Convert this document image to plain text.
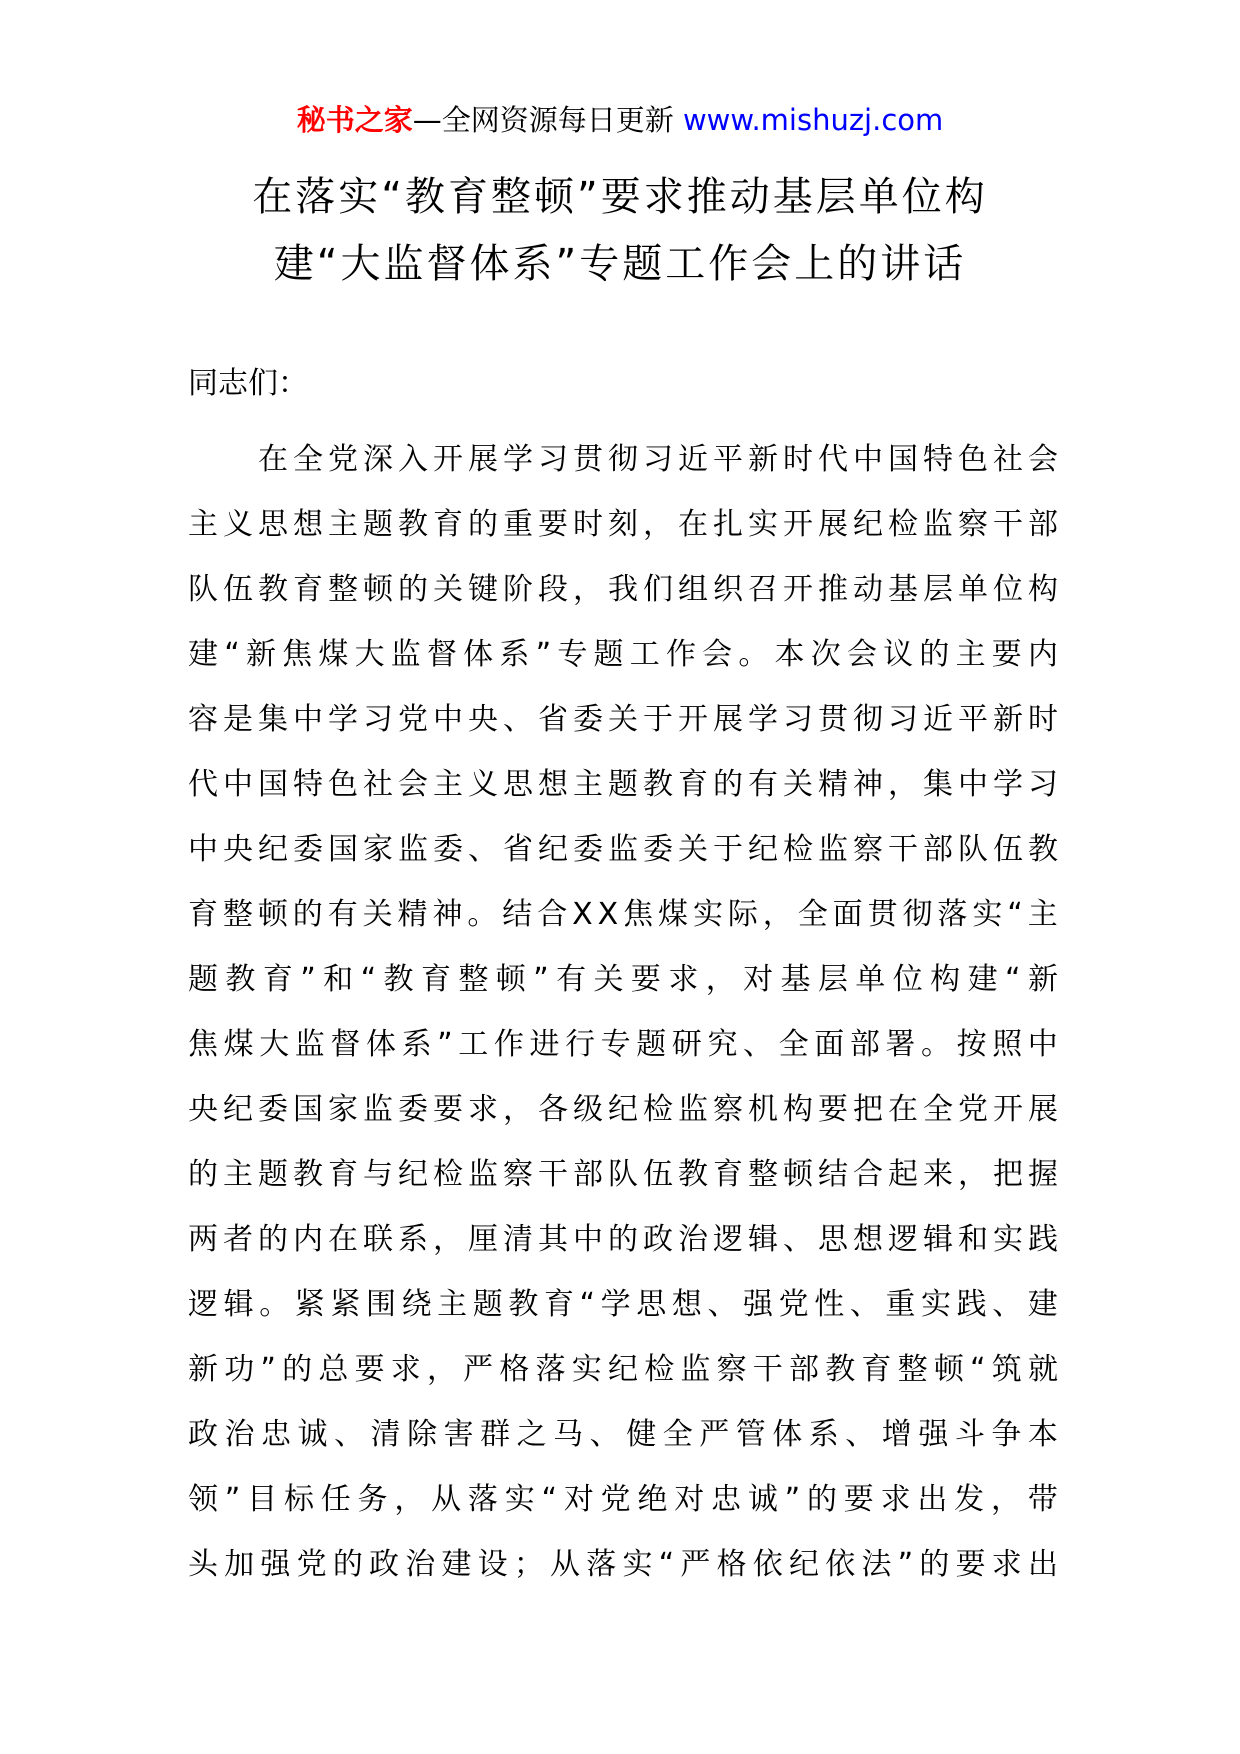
秘书之家—全网资源每日更新 www.mishuzj.com
在落实“教育整顿”要求推动基层单位构
建“大监督体系”专题工作会上的讲话
同志们：

在 全 党 深 入 开 展 学 习 贯 彻 习 近 平 新 时 代 中 国 特 色 社 会
主 义 思 想 主 题 教 育 的 重 要 时 刻 ， 在 扎 实 开 展 纪 检 监 察 干 部
队 伍 教 育 整 顿 的 关 键 阶 段 ， 我 们 组 织 召 开 推 动 基 层 单 位 构
建 “ 新 焦 煤 大 监 督 体 系 ” 专 题 工 作 会 。 本 次 会 议 的 主 要 内
容 是 集 中 学 习 党 中 央 、 省 委 关 于 开 展 学 习 贯 彻 习 近 平 新 时
代 中 国 特 色 社 会 主 义 思 想 主 题 教 育 的 有 关 精 神 ， 集 中 学 习
中 央 纪 委 国 家 监 委 、 省 纪 委 监 委 关 于 纪 检 监 察 干 部 队 伍 教
育 整 顿 的 有 关 精 神 。 结 合 X X 焦 煤 实 际 ， 全 面 贯 彻 落 实 “ 主
题 教 育 ” 和 “ 教 育 整 顿 ” 有 关 要 求 ， 对 基 层 单 位 构 建 “ 新
焦 煤 大 监 督 体 系 ” 工 作 进 行 专 题 研 究 、 全 面 部 署 。 按 照 中
央 纪 委 国 家 监 委 要 求 ， 各 级 纪 检 监 察 机 构 要 把 在 全 党 开 展
的 主 题 教 育 与 纪 检 监 察 干 部 队 伍 教 育 整 顿 结 合 起 来 ， 把 握
两 者 的 内 在 联 系 ， 厘 清 其 中 的 政 治 逻 辑 、 思 想 逻 辑 和 实 践
逻 辑 。 紧 紧 围 绕 主 题 教 育 “ 学 思 想 、 强 党 性 、 重 实 践 、 建
新 功 ” 的 总 要 求 ， 严 格 落 实 纪 检 监 察 干 部 教 育 整 顿 “ 筑 就
政 治 忠 诚 、 清 除 害 群 之 马 、 健 全 严 管 体 系 、 增 强 斗 争 本
领 ” 目 标 任 务 ， 从 落 实 “ 对 党 绝 对 忠 诚 ” 的 要 求 出 发 ， 带
头 加 强 党 的 政 治 建 设 ； 从 落 实 “ 严 格 依 纪 依 法 ” 的 要 求 出
